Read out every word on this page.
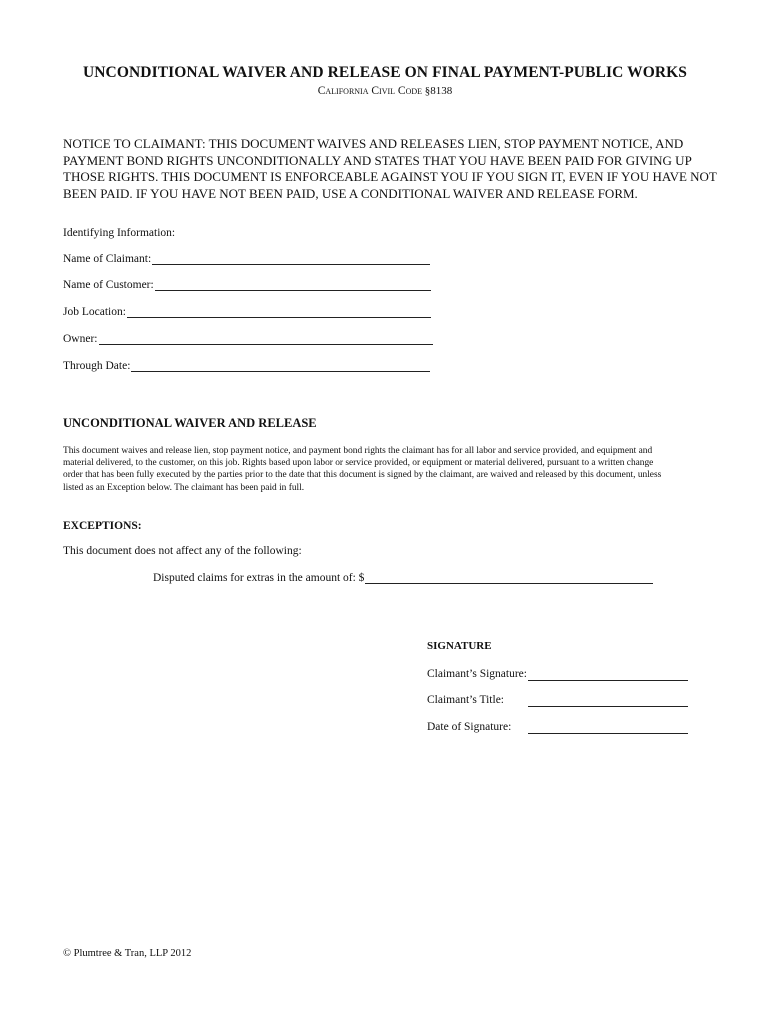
UNCONDITIONAL WAIVER AND RELEASE ON FINAL PAYMENT-PUBLIC WORKS
California Civil Code §8138
NOTICE TO CLAIMANT: THIS DOCUMENT WAIVES AND RELEASES LIEN, STOP PAYMENT NOTICE, AND
PAYMENT BOND RIGHTS UNCONDITIONALLY AND STATES THAT YOU HAVE BEEN PAID FOR GIVING UP
THOSE RIGHTS. THIS DOCUMENT IS ENFORCEABLE AGAINST YOU IF YOU SIGN IT, EVEN IF YOU HAVE NOT
BEEN PAID. IF YOU HAVE NOT BEEN PAID, USE A CONDITIONAL WAIVER AND RELEASE FORM.
Identifying Information:
Name of Claimant:
Name of Customer:
Job Location:
Owner:
Through Date:
UNCONDITIONAL WAIVER AND RELEASE
This document waives and release lien, stop payment notice, and payment bond rights the claimant has for all labor and service provided, and equipment and
material delivered, to the customer, on this job. Rights based upon labor or service provided, or equipment or material delivered, pursuant to a written change
order that has been fully executed by the parties prior to the date that this document is signed by the claimant, are waived and released by this document, unless
listed as an Exception below. The claimant has been paid in full.
EXCEPTIONS:
This document does not affect any of the following:
Disputed claims for extras in the amount of: $
SIGNATURE
Claimant’s Signature:
Claimant’s Title:
Date of Signature:
© Plumtree & Tran, LLP 2012
